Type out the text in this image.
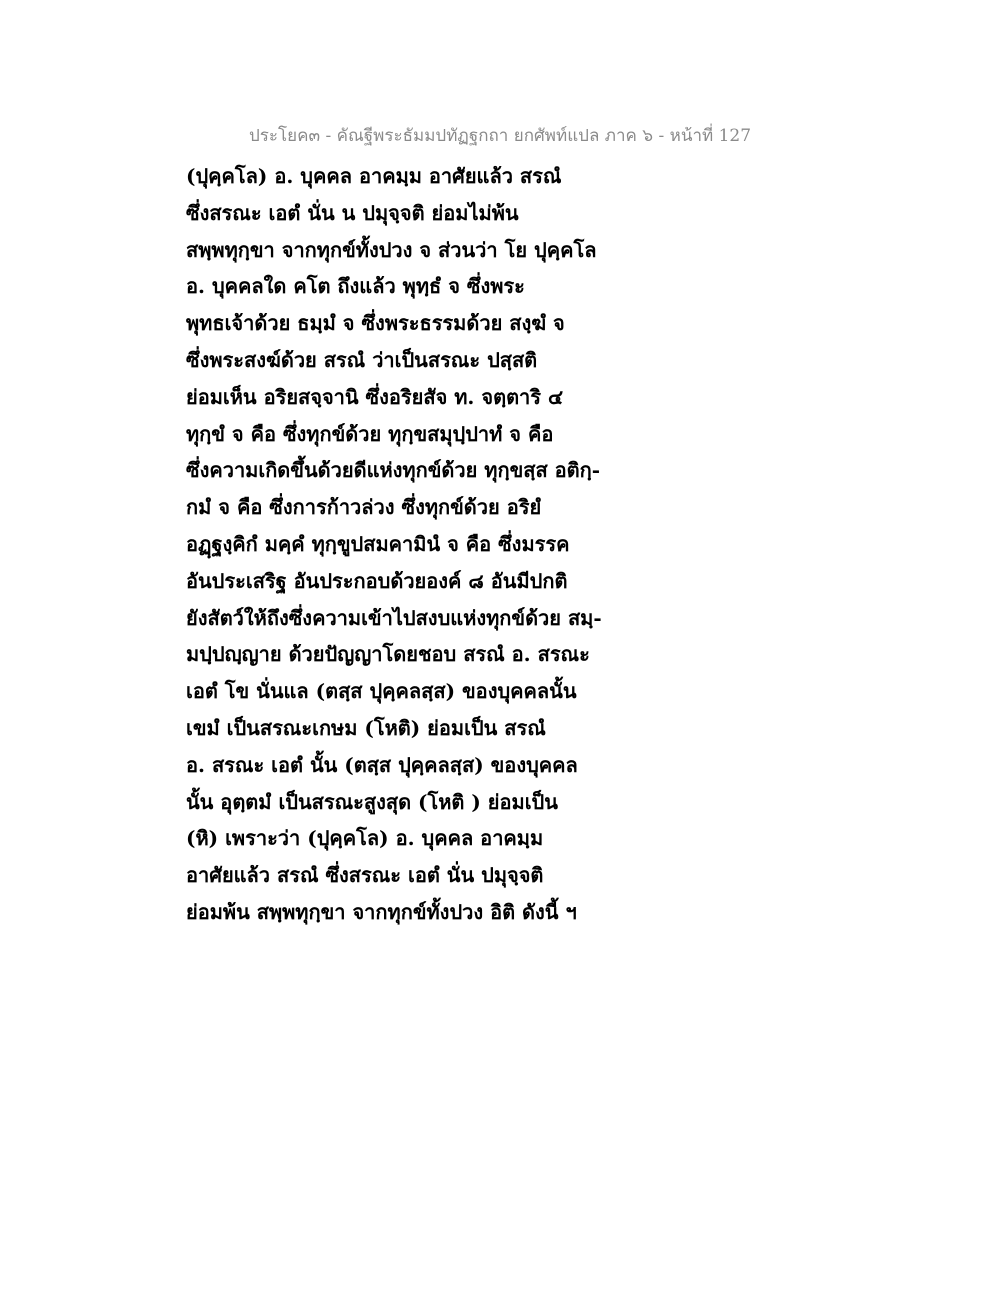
ประโยค๓ - คัณฐีพระธัมมปทัฏฐกถา ยกศัพท์แปล ภาค ๖ - หน้าที่ 127
(ปุคฺคโล) อ. บุคคล อาคมฺม อาศัยแล้ว สรณํ
ซึ่งสรณะ เอตํ นั่น น ปมุจฺจติ ย่อมไม่พ้น
สพฺพทุกฺขา จากทุกข์ทั้งปวง จ ส่วนว่า โย ปุคฺคโล
อ. บุคคลใด คโต ถึงแล้ว พุทฺธํ จ ซึ่งพระ
พุทธเจ้าด้วย ธมฺมํ จ ซึ่งพระธรรมด้วย สงฺฆํ จ
ซึ่งพระสงฆ์ด้วย สรณํ ว่าเป็นสรณะ ปสฺสติ
ย่อมเห็น อริยสจฺจานิ ซึ่งอริยสัจ ท. จตฺตาริ ๔
ทุกฺขํ จ คือ ซึ่งทุกข์ด้วย ทุกฺขสมุปฺปาทํ จ คือ
ซึ่งความเกิดขึ้นด้วยดีแห่งทุกข์ด้วย ทุกฺขสฺส อติกฺ-
กมํ จ คือ ซึ่งการก้าวล่วง ซึ่งทุกข์ด้วย อริยํ
อฏฺฐงฺคิกํ มคฺคํ ทุกฺขูปสมคามินํ จ คือ ซึ่งมรรค
อันประเสริฐ อันประกอบด้วยองค์ ๘ อันมีปกติ
ยังสัตว์ให้ถึงซึ่งความเข้าไปสงบแห่งทุกข์ด้วย สมฺ-
มปฺปญฺญาย ด้วยปัญญาโดยชอบ สรณํ อ. สรณะ
เอตํ โข นั่นแล (ตสฺส ปุคฺคลสฺส) ของบุคคลนั้น
เขมํ เป็นสรณะเกษม (โหติ) ย่อมเป็น สรณํ
อ. สรณะ เอตํ นั้น (ตสฺส ปุคฺคลสฺส) ของบุคคล
นั้น อุตฺตมํ เป็นสรณะสูงสุด (โหติ ) ย่อมเป็น
(หิ) เพราะว่า (ปุคฺคโล) อ. บุคคล อาคมฺม
อาศัยแล้ว สรณํ ซึ่งสรณะ เอตํ นั่น ปมุจฺจติ
ย่อมพ้น สพฺพทุกฺขา จากทุกข์ทั้งปวง อิติ ดังนี้ ฯ
